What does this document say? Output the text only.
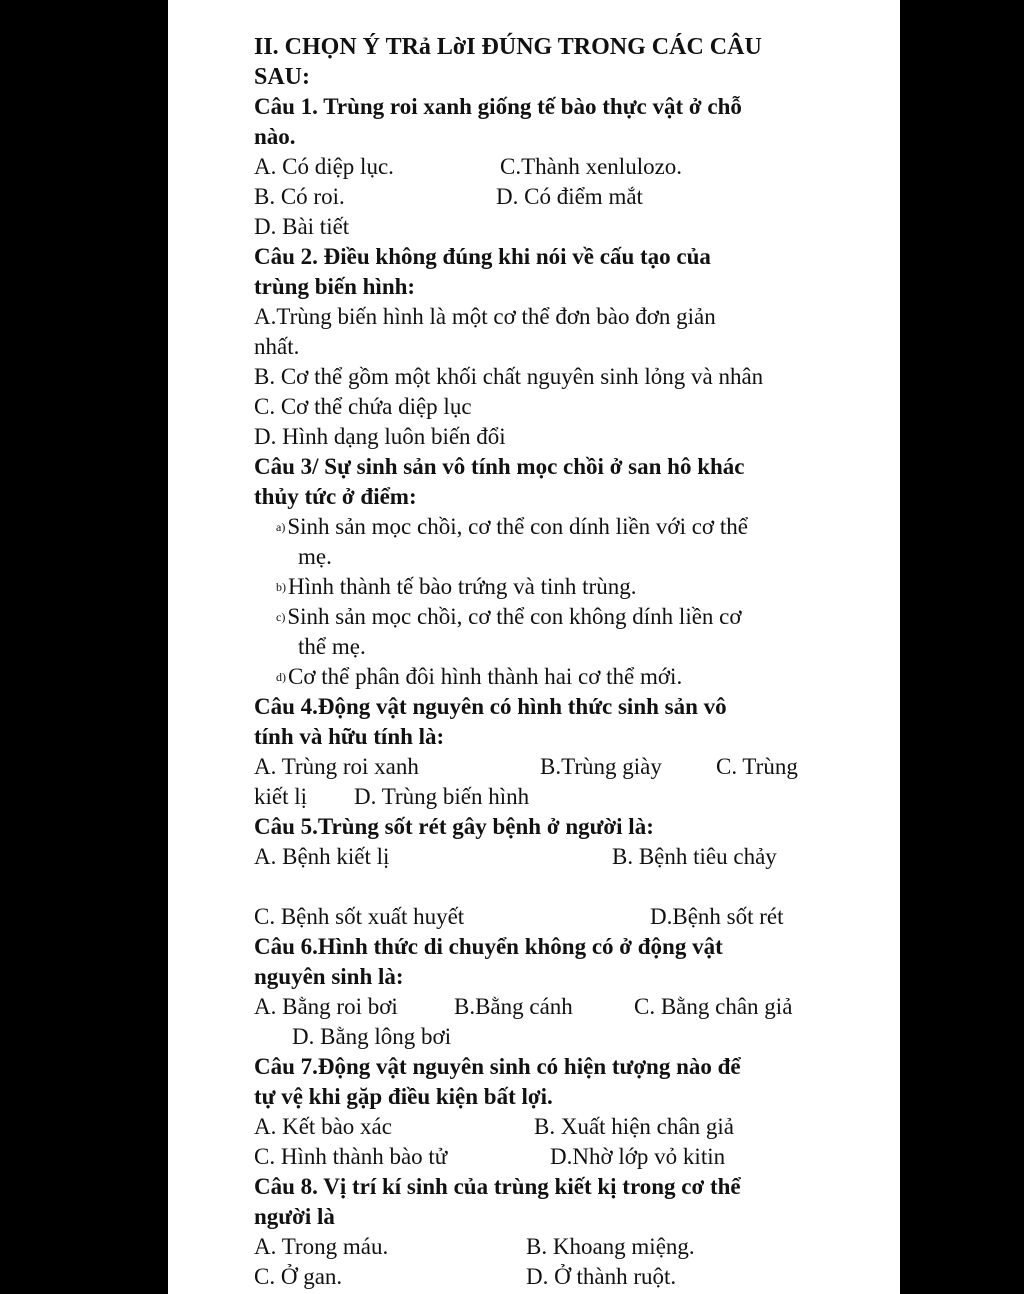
II. CHỌN Ý TRả LờI ĐÚNG TRONG CÁC CÂU
SAU:
Câu 1. Trùng roi xanh giống tế bào thực vật ở chỗ
nào.
A. Có diệp lục.	C.Thành xenlulozo.
B. Có roi.	D. Có điểm mắt
D. Bài tiết
Câu 2. Điều không đúng khi nói về cấu tạo của
trùng biến hình:
A.Trùng biến hình là một cơ thể đơn bào đơn giản
nhất.
B. Cơ thể gồm một khối chất nguyên sinh lỏng và nhân
C. Cơ thể chứa diệp lục
D. Hình dạng luôn biến đổi
Câu 3/ Sự sinh sản vô tính mọc chồi ở san hô khác
thủy tức ở điểm:
a)Sinh sản mọc chồi, cơ thể con dính liền với cơ thể
mẹ.
b)Hình thành tế bào trứng và tinh trùng.
c)Sinh sản mọc chồi, cơ thể con không dính liền cơ
thể mẹ.
d)Cơ thể phân đôi hình thành hai cơ thể mới.
Câu 4.Động vật nguyên có hình thức sinh sản vô
tính và hữu tính là:
A. Trùng roi xanh	B.Trùng giày C. Trùng
kiết lị D. Trùng biến hình
Câu 5.Trùng sốt rét gây bệnh ở người là:
A. Bệnh kiết lị	B. Bệnh tiêu chảy
C. Bệnh sốt xuất huyết	D.Bệnh sốt rét
Câu 6.Hình thức di chuyển không có ở động vật
nguyên sinh là:
A. Bằng roi bơi B.Bằng cánh	C. Bằng chân giả
D. Bằng lông bơi
Câu 7.Động vật nguyên sinh có hiện tượng nào để
tự vệ khi gặp điều kiện bất lợi.
A. Kết bào xác	B. Xuất hiện chân giả
C. Hình thành bào tử	D.Nhờ lớp vỏ kitin
Câu 8. Vị trí kí sinh của trùng kiết kị trong cơ thể
người là
A. Trong máu.	B. Khoang miệng.
C. Ở gan.	D. Ở thành ruột.
